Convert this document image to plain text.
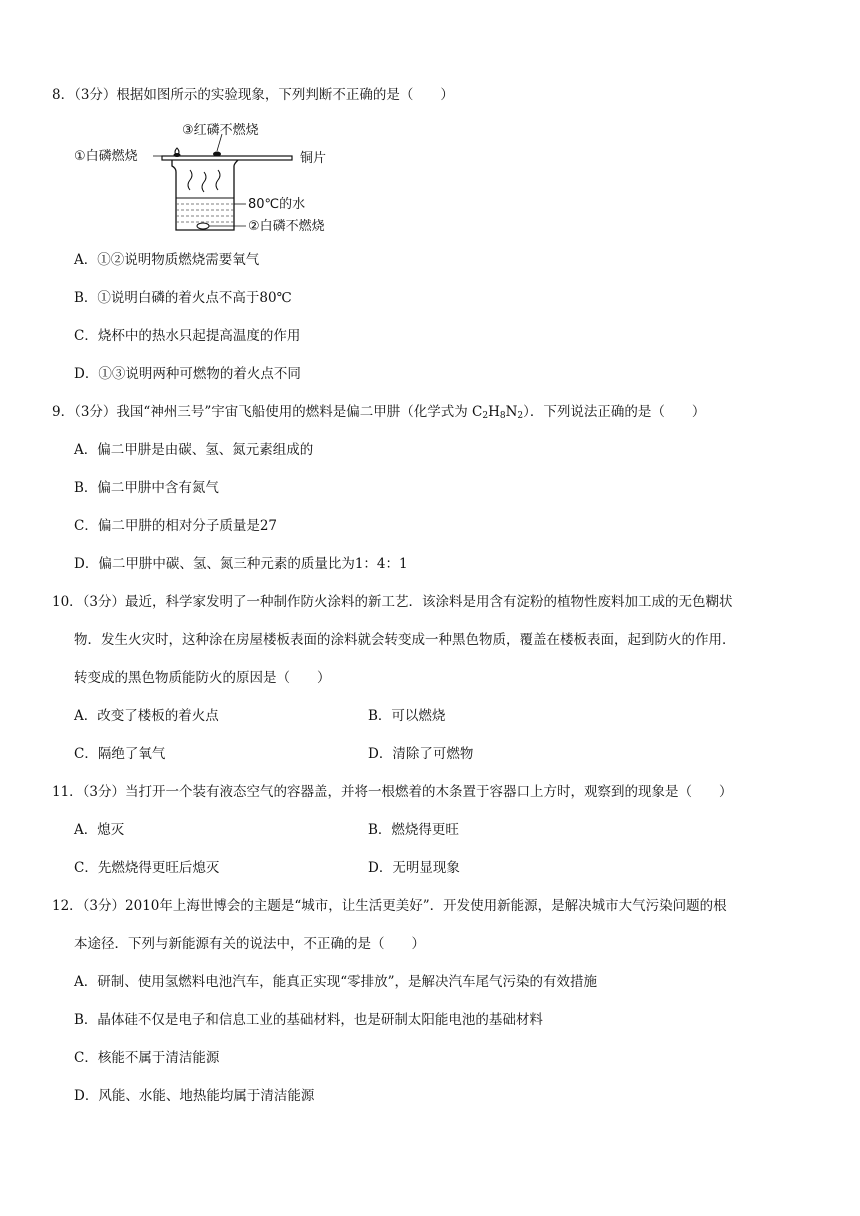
8．（3分）根据如图所示的实验现象，下列判断不正确的是（　　）
③红磷不燃烧
①白磷燃烧	铜片
80℃的水
②白磷不燃烧
A．①②说明物质燃烧需要氧气
B．①说明白磷的着火点不高于80℃
C．烧杯中的热水只起提高温度的作用
D．①③说明两种可燃物的着火点不同
9．（3分）我国“神州三号”宇宙飞船使用的燃料是偏二甲肼（化学式为 $C_2H_8N_2$）．下列说法正确的是（　　）
A．偏二甲肼是由碳、氢、氮元素组成的
B．偏二甲肼中含有氮气
C．偏二甲肼的相对分子质量是27
D．偏二甲肼中碳、氢、氮三种元素的质量比为1：4：1
10．（3分）最近，科学家发明了一种制作防火涂料的新工艺．该涂料是用含有淀粉的植物性废料加工成的无色糊状
物．发生火灾时，这种涂在房屋楼板表面的涂料就会转变成一种黑色物质，覆盖在楼板表面，起到防火的作用．
转变成的黑色物质能防火的原因是（　　）
A．改变了楼板的着火点	B．可以燃烧
C．隔绝了氧气	D．清除了可燃物
11．（3分）当打开一个装有液态空气的容器盖，并将一根燃着的木条置于容器口上方时，观察到的现象是（　　）
A．熄灭	B．燃烧得更旺
C．先燃烧得更旺后熄灭	D．无明显现象
12．（3分）2010年上海世博会的主题是“城市，让生活更美好”．开发使用新能源，是解决城市大气污染问题的根
本途径．下列与新能源有关的说法中，不正确的是（　　）
A．研制、使用氢燃料电池汽车，能真正实现“零排放”，是解决汽车尾气污染的有效措施
B．晶体硅不仅是电子和信息工业的基础材料，也是研制太阳能电池的基础材料
C．核能不属于清洁能源
D．风能、水能、地热能均属于清洁能源
